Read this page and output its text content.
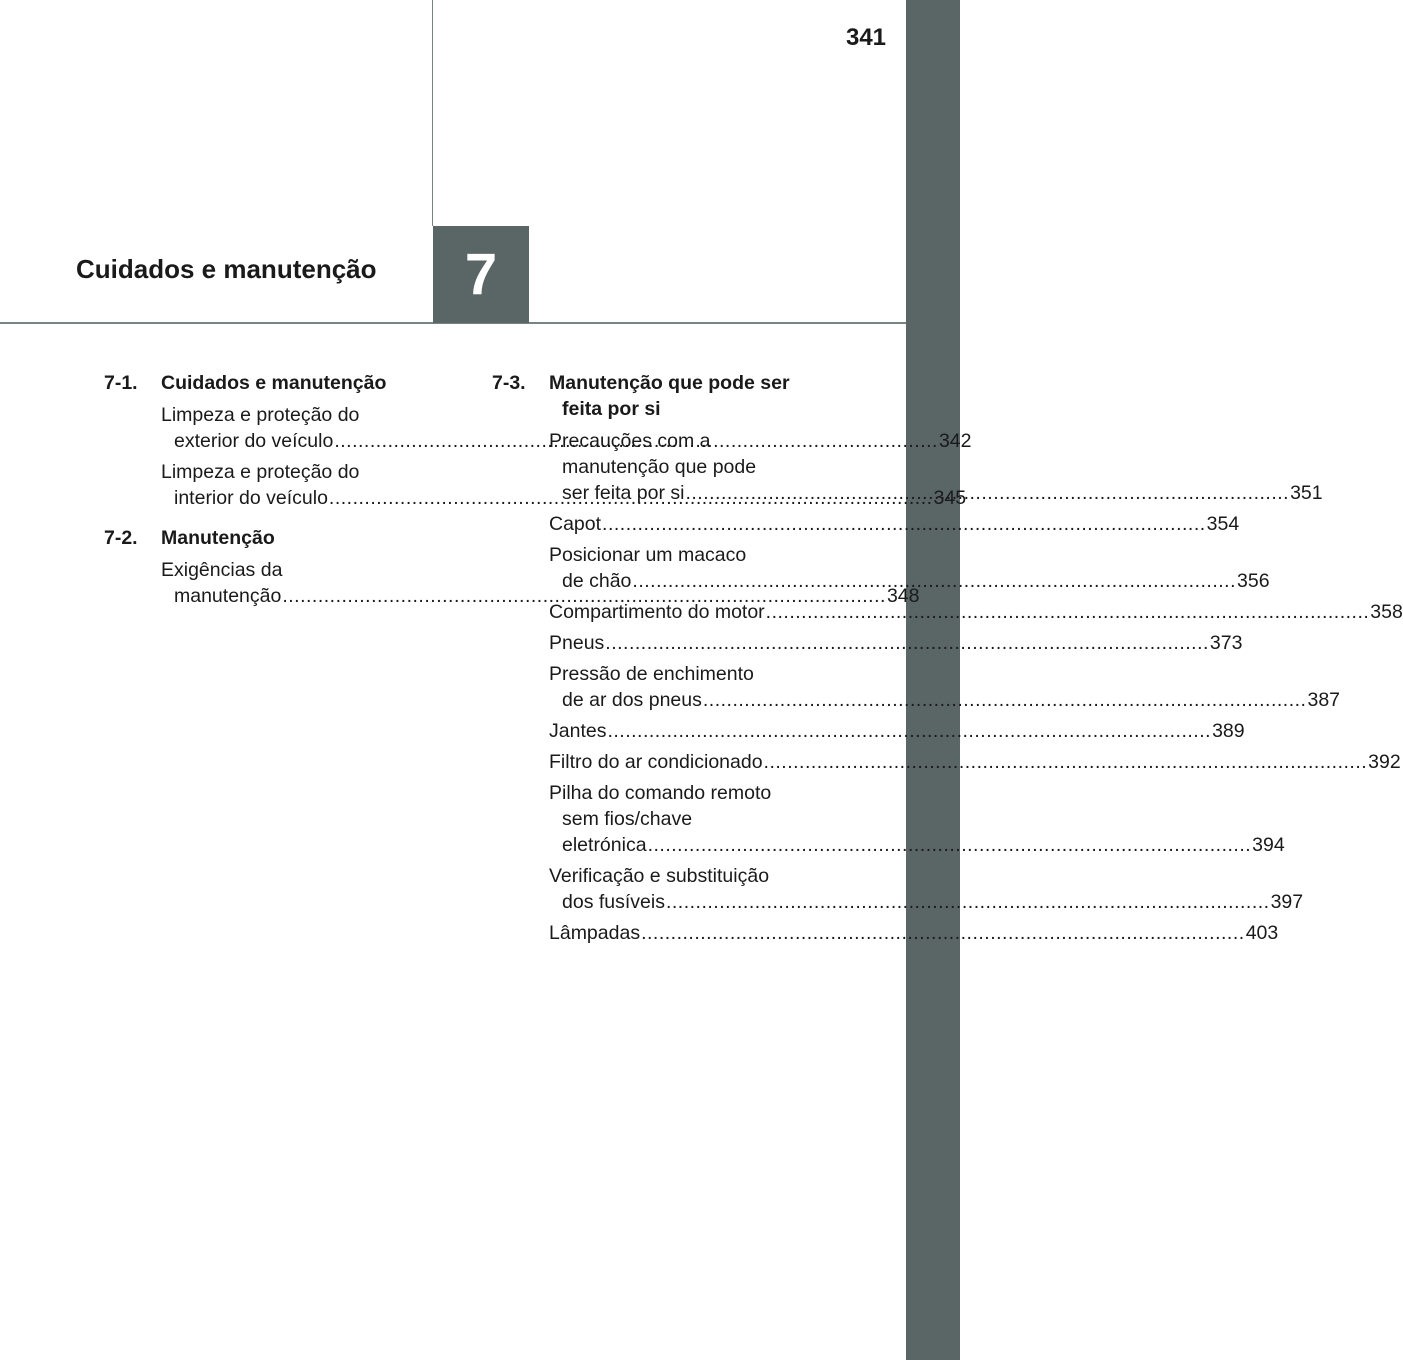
341
Cuidados e manutenção	7
7-1.	Cuidados e manutenção
Limpeza e proteção do
exterior do veículo .....	342
Limpeza e proteção do
interior do veículo .....	345
7-2.	Manutenção
Exigências da
manutenção .....	348
7-3.	Manutenção que pode ser

feita por si
Precauções com a
manutenção que pode
ser feita por si .....	351
Capot .....	354
Posicionar um macaco
de chão .....	356
Compartimento do motor .....	358
Pneus .....	373
Pressão de enchimento
de ar dos pneus .....	387
Jantes .....	389
Filtro do ar condicionado .....	392
Pilha do comando remoto
sem fios/chave
eletrónica .....	394
Verificação e substituição
dos fusíveis .....	397
Lâmpadas .....	403
